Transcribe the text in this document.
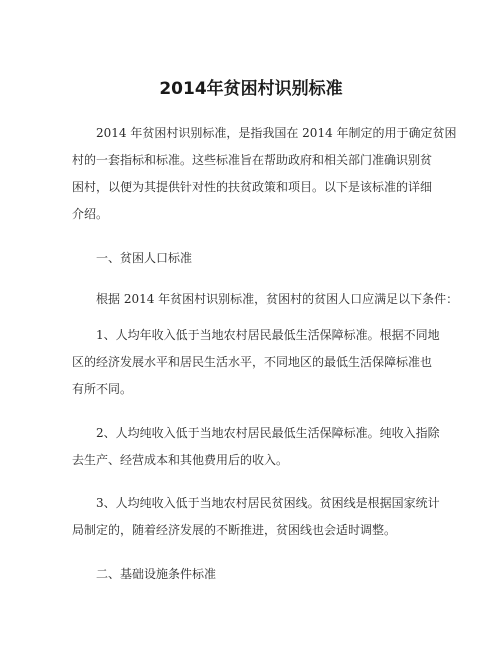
2014年贫困村识别标准
2014 年贫困村识别标准，是指我国在 2014 年制定的用于确定贫困
村的一套指标和标准。这些标准旨在帮助政府和相关部门准确识别贫
困村，以便为其提供针对性的扶贫政策和项目。以下是该标准的详细
介绍。
一、贫困人口标准
根据 2014 年贫困村识别标准，贫困村的贫困人口应满足以下条件：
1、人均年收入低于当地农村居民最低生活保障标准。根据不同地
区的经济发展水平和居民生活水平，不同地区的最低生活保障标准也
有所不同。
2、人均纯收入低于当地农村居民最低生活保障标准。纯收入指除
去生产、经营成本和其他费用后的收入。
3、人均纯收入低于当地农村居民贫困线。贫困线是根据国家统计
局制定的，随着经济发展的不断推进，贫困线也会适时调整。
二、基础设施条件标准
